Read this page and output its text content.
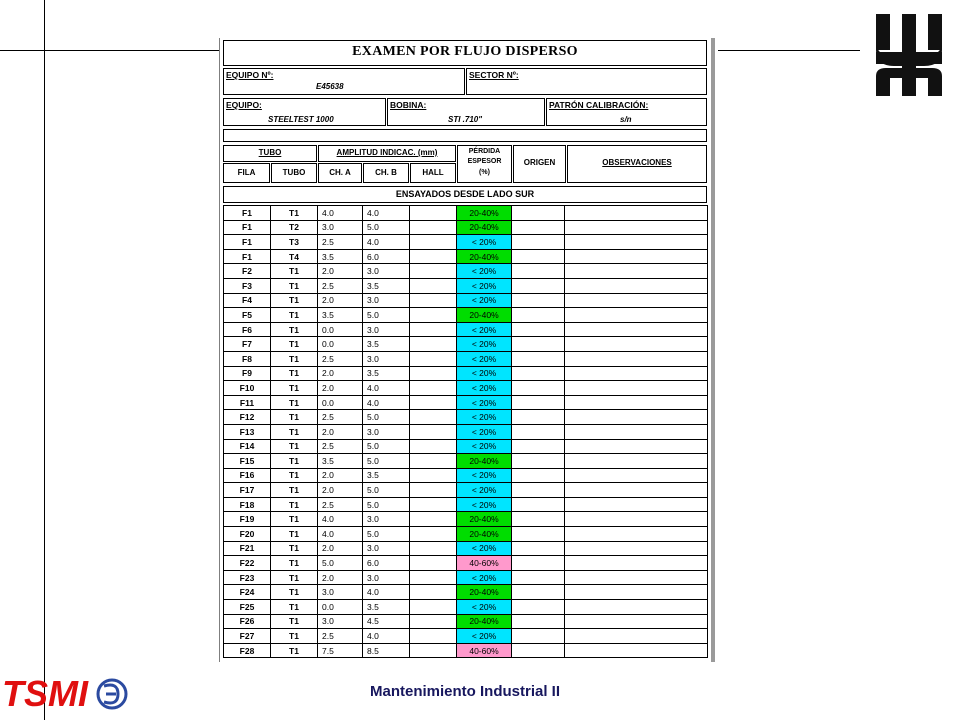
EXAMEN POR FLUJO DISPERSO
EQUIPO Nº:
E45638
SECTOR Nº:
EQUIPO:
STEELTEST 1000
BOBINA:
STI .710"
PATRÓN CALIBRACIÓN:
s/n
TUBO	AMPLITUD INDICAC. (mm)	PÉRDIDA
ESPESOR
(%)
ORIGEN	OBSERVACIONES
FILA	TUBO	CH. A	CH. B	HALL
ENSAYADOS DESDE LADO SUR
F1	T1	4.0	4.0		20-40%		
F1	T2	3.0	5.0		20-40%		
F1	T3	2.5	4.0		< 20%		
F1	T4	3.5	6.0		20-40%		
F2	T1	2.0	3.0		< 20%		
F3	T1	2.5	3.5		< 20%		
F4	T1	2.0	3.0		< 20%		
F5	T1	3.5	5.0		20-40%		
F6	T1	0.0	3.0		< 20%		
F7	T1	0.0	3.5		< 20%		
F8	T1	2.5	3.0		< 20%		
F9	T1	2.0	3.5		< 20%		
F10	T1	2.0	4.0		< 20%		
F11	T1	0.0	4.0		< 20%		
F12	T1	2.5	5.0		< 20%		
F13	T1	2.0	3.0		< 20%		
F14	T1	2.5	5.0		< 20%		
F15	T1	3.5	5.0		20-40%		
F16	T1	2.0	3.5		< 20%		
F17	T1	2.0	5.0		< 20%		
F18	T1	2.5	5.0		< 20%		
F19	T1	4.0	3.0		20-40%		
F20	T1	4.0	5.0		20-40%		
F21	T1	2.0	3.0		< 20%		
F22	T1	5.0	6.0		40-60%		
F23	T1	2.0	3.0		< 20%		
F24	T1	3.0	4.0		20-40%		
F25	T1	0.0	3.5		< 20%		
F26	T1	3.0	4.5		20-40%		
F27	T1	2.5	4.0		< 20%		
F28	T1	7.5	8.5		40-60%		
TSMI	Mantenimiento Industrial II
